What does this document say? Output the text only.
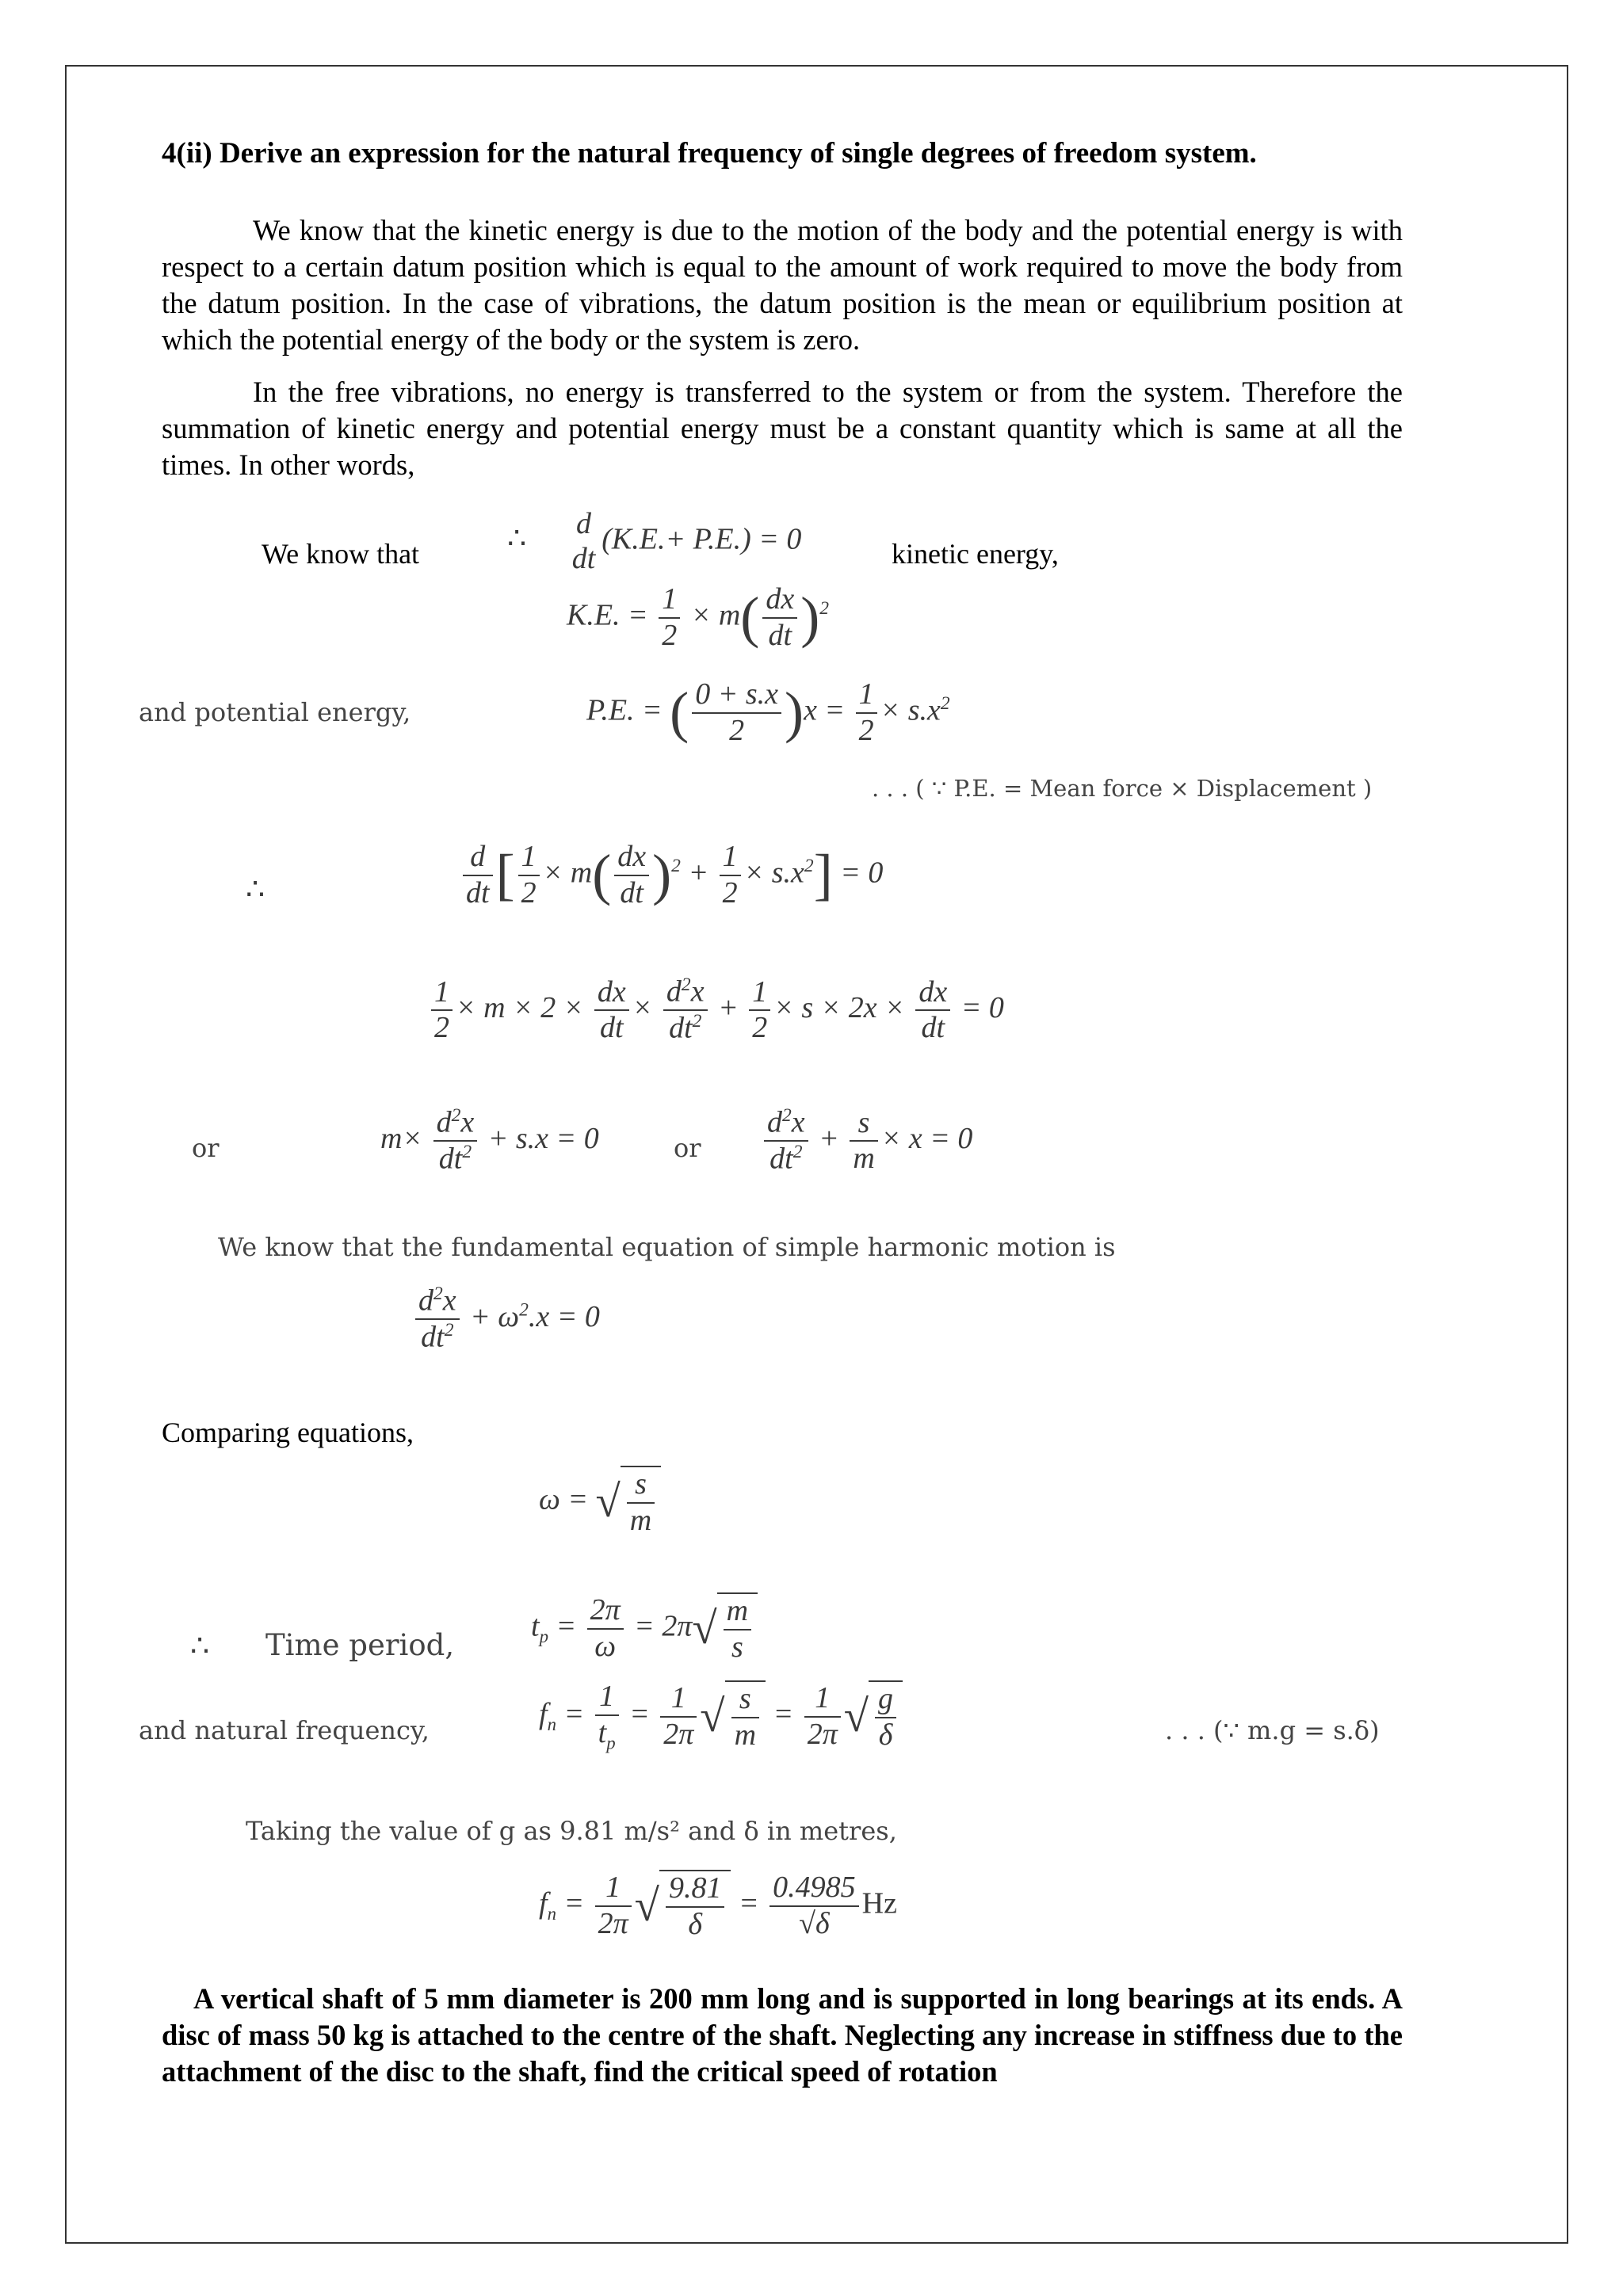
4(ii) Derive an expression for the natural frequency of single degrees of freedom system.
We know that the kinetic energy is due to the motion of the body and the potential energy is with respect to a certain datum position which is equal to the amount of work required to move the body from the datum position. In the case of vibrations, the datum position is the mean or equilibrium position at which the potential energy of the body or the system is zero.
In the free vibrations, no energy is transferred to the system or from the system. Therefore the summation of kinetic energy and potential energy must be a constant quantity which is same at all the times. In other words,
We know that	∴ d
dt
(K.E.+ P.E.) = 0	kinetic energy,
K.E. = $\frac{1}{2} \times m( \frac{dx}{dt} )^2$
and potential energy,	P.E. = ( $\frac{0 + s.x}{2} )x = \frac{1}{2} \times s.x^2$
. . . ( ∵ P.E. = Mean force × Displacement )
∴	$\frac{d}{dt}$ [ $\frac{1}{2} \times m( \frac{dx}{dt} )^2 + \frac{1}{2} \times s.x^2] = 0$
$\frac{1}{2} \times m \times 2 \times \frac{dx}{dt} \times \frac{d^2x}{dt^2} + \frac{1}{2} \times s \times 2x \times \frac{dx}{dt} = 0$
or	$m\times \frac{d^2x}{dt^2} + s.x = 0$	or $\frac{d^2x}{dt^2} + \frac{s}{m} \times x = 0$
We know that the fundamental equation of simple harmonic motion is
$\frac{d^2x}{dt^2} + \omega^2.x = 0$
Comparing equations,
ω = √ $\frac{s}{m}$
∴ Time period,
$t_p = \frac{2\pi}{\omega} = 2\pi√ \frac{m}{s}$
and natural frequency,	$f_n = \frac{1}{t_p} = \frac{1}{2\pi}$ √ $\frac{s}{m} = \frac{1}{2\pi}$ √ $\frac{g}{\delta}$	. . . (∵ m.g = s.δ)
Taking the value of g as 9.81 m/s² and δ in metres,
$f_n = \frac{1}{2\pi}$ √ $\frac{9.81}{\delta} = \frac{0.4985}{√\delta}$ Hz
A vertical shaft of 5 mm diameter is 200 mm long and is supported in long bearings at its ends. A disc of mass 50 kg is attached to the centre of the shaft. Neglecting any increase in stiffness due to the attachment of the disc to the shaft, find the critical speed of rotation
